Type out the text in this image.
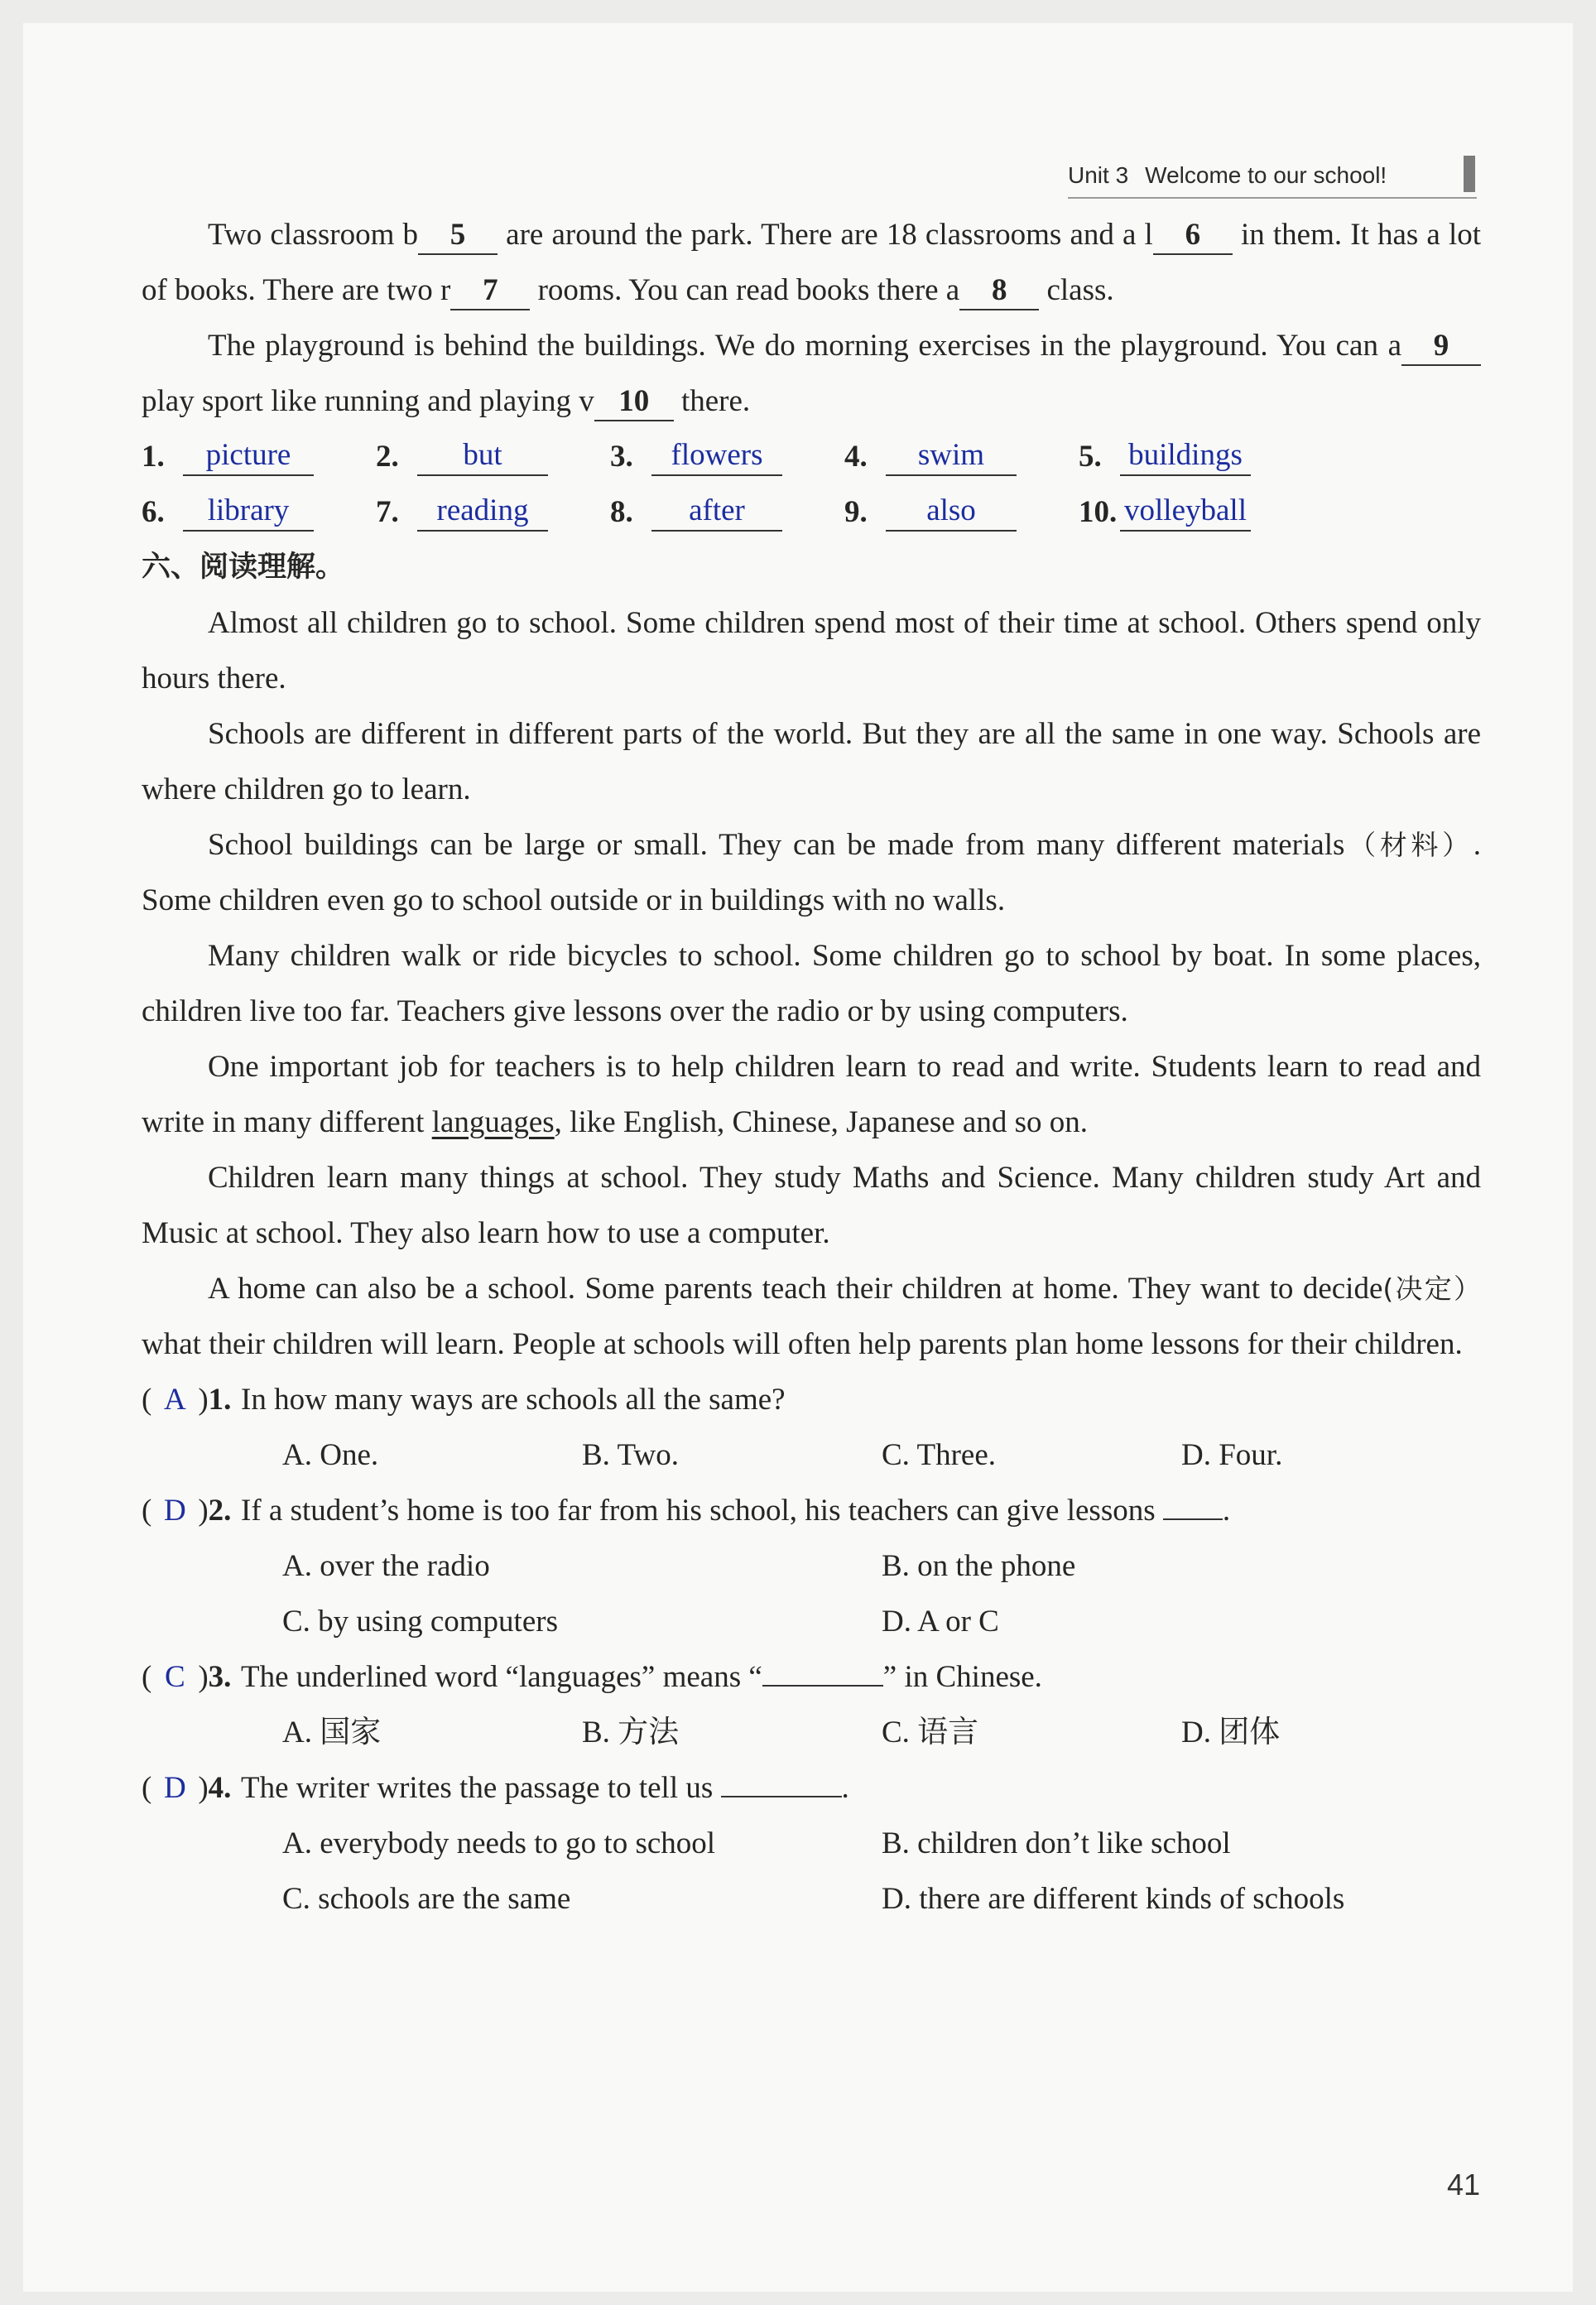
Unit 3 Welcome to our school!

Two classroom b 5 are around the park. There are 18 classrooms and a l 6 in them. It has a lot of books. There are two r 7 rooms. You can read books there a 8 class.

The playground is behind the buildings. We do morning exercises in the playground. You can a 9 play sport like running and playing v 10 there.

1.	picture	2.	but	3.	flowers	4.	swim	5. buildings
6.	library	7.	reading	8.	after	9.	also	10. volleyball

六、阅读理解。

Almost all children go to school. Some children spend most of their time at school. Others spend only hours there.

Schools are different in different parts of the world. But they are all the same in one way. Schools are where children go to learn.

School buildings can be large or small. They can be made from many different materials（材料）. Some children even go to school outside or in buildings with no walls.

Many children walk or ride bicycles to school. Some children go to school by boat. In some places, children live too far. Teachers give lessons over the radio or by using computers.

One important job for teachers is to help children learn to read and write. Students learn to read and write in many different languages, like English, Chinese, Japanese and so on.

Children learn many things at school. They study Maths and Science. Many children study Art and Music at school. They also learn how to use a computer.

A home can also be a school. Some parents teach their children at home. They want to decide(决定） what their children will learn. People at schools will often help parents plan home lessons for their children.

( A )1. In how many ways are schools all the same?
A. One.	B. Two.	C. Three.	D. Four.
( D )2. If a student’s home is too far from his school, his teachers can give lessons .
A. over the radio	B. on the phone
C. by using computers	D. A or C
( C )3. The underlined word “languages” means “	” in Chinese.
A. 国家	B. 方法	C. 语言	D. 团体
( D )4. The writer writes the passage to tell us	.
A. everybody needs to go to school	B. children don’t like school
C. schools are the same	D. there are different kinds of schools
41
